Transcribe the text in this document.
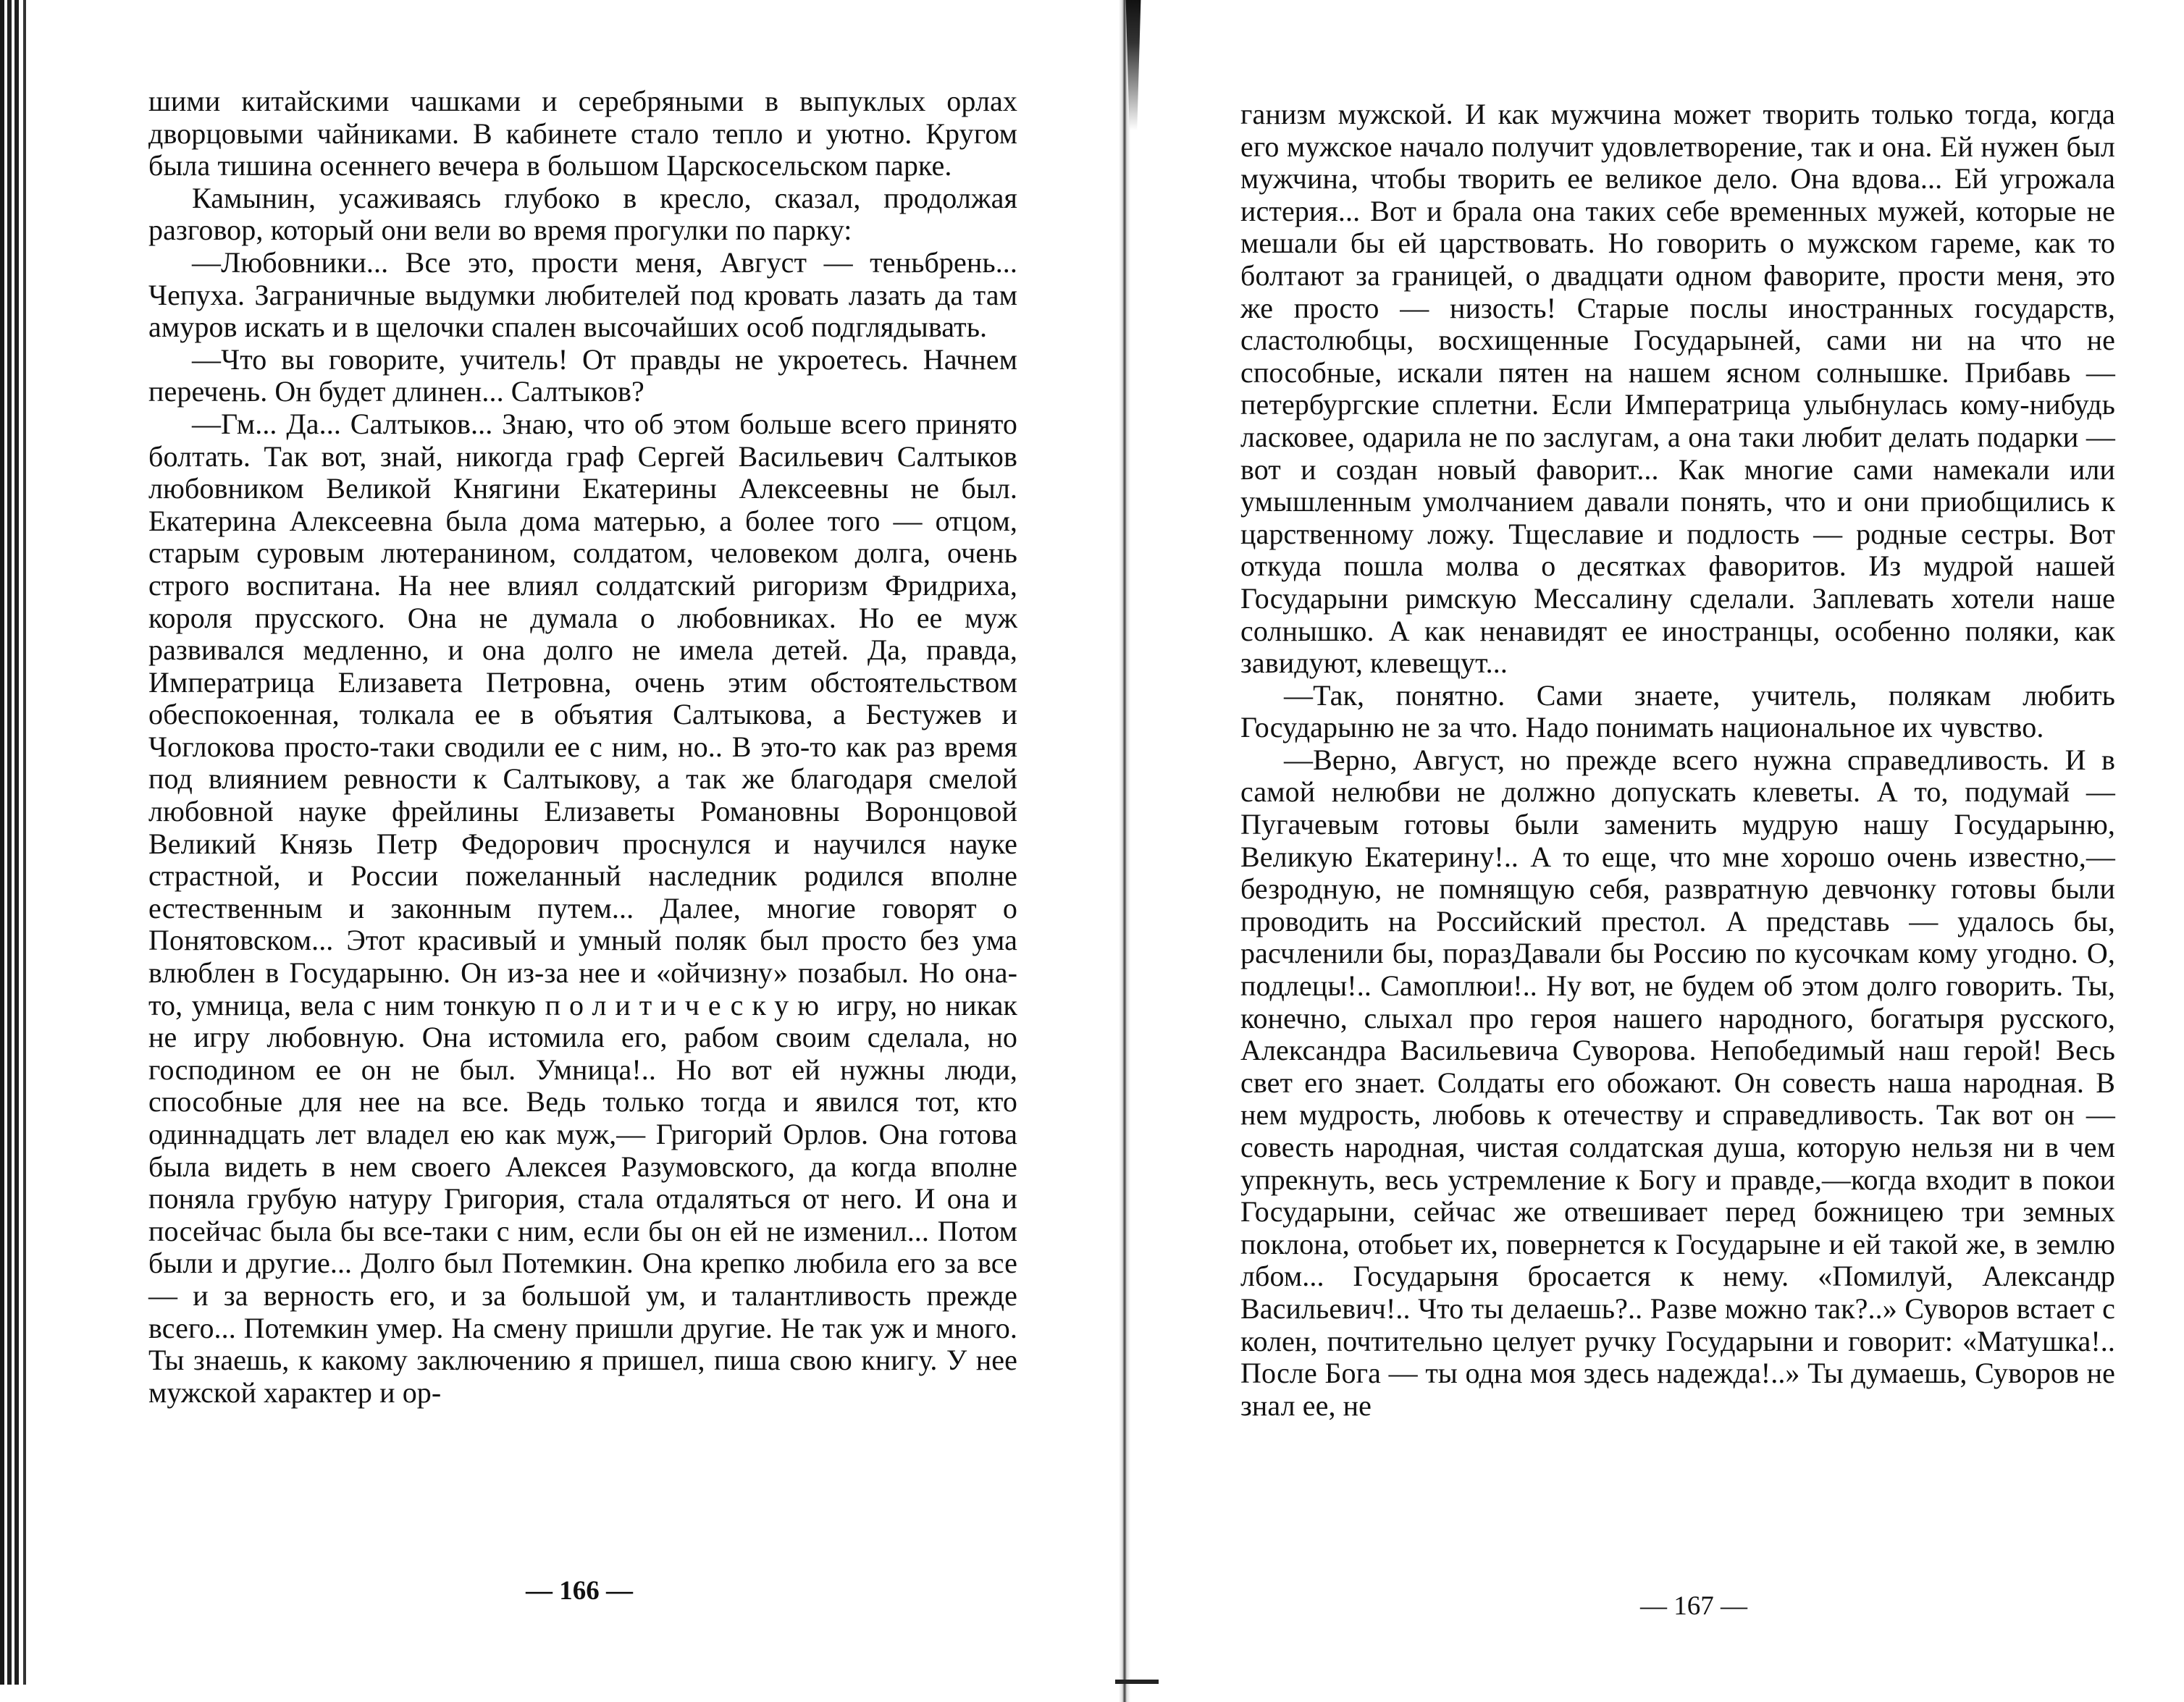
шими китайскими чашками и серебряными в выпуклых орлах дворцовыми чайниками. В кабинете стало тепло и уютно. Кругом была тишина осеннего вечера в большом Царскосельском парке.

Камынин, усаживаясь глубоко в кресло, сказал, продолжая разговор, который они вели во время прогулки по парку:

—Любовники... Все это, прости меня, Август — теньбрень... Чепуха. Заграничные выдумки любителей под кровать лазать да там амуров искать и в щелочки спален высочайших особ подглядывать.

—Что вы говорите, учитель! От правды не укроетесь. Начнем перечень. Он будет длинен... Салтыков?

—Гм... Да... Салтыков... Знаю, что об этом больше всего принято болтать. Так вот, знай, никогда граф Сергей Васильевич Салтыков любовником Великой Княгини Екатерины Алексеевны не был. Екатерина Алексеевна была дома матерью, а более того — отцом, старым суровым лютеранином, солдатом, человеком долга, очень строго воспитана. На нее влиял солдатский ригоризм Фридриха, короля прусского. Она не думала о любовниках. Но ее муж развивался медленно, и она долго не имела детей. Да, правда, Императрица Елизавета Петровна, очень этим обстоятельством обеспокоенная, толкала ее в объятия Салтыкова, а Бестужев и Чоглокова просто-таки сводили ее с ним, но.. В это-то как раз время под влиянием ревности к Салтыкову, а так же благодаря смелой любовной науке фрейлины Елизаветы Романовны Воронцовой Великий Князь Петр Федорович проснулся и научился науке страстной, и России пожеланный наследник родился вполне естественным и законным путем... Далее, многие говорят о Понятовском... Этот красивый и умный поляк был просто без ума влюблен в Государыню. Он из-за нее и «ойчизну» позабыл. Но она-то, умница, вела с ним тонкую политическую игру, но никак не игру любовную. Она истомила его, рабом своим сделала, но господином ее он не был. Умница!.. Но вот ей нужны люди, способные для нее на все. Ведь только тогда и явился тот, кто одиннадцать лет владел ею как муж,— Григорий Орлов. Она готова была видеть в нем своего Алексея Разумовского, да когда вполне поняла грубую натуру Григория, стала отдаляться от него. И она и посейчас была бы все-таки с ним, если бы он ей не изменил... Потом были и другие... Долго был Потемкин. Она крепко любила его за все — и за верность его, и за большой ум, и талантливость прежде всего... Потемкин умер. На смену пришли другие. Не так уж и много. Ты знаешь, к какому заключению я пришел, пиша свою книгу. У нее мужской характер и ор-

— 166 —

ганизм мужской. И как мужчина может творить только тогда, когда его мужское начало получит удовлетворение, так и она. Ей нужен был мужчина, чтобы творить ее великое дело. Она вдова... Ей угрожала истерия... Вот и брала она таких себе временных мужей, которые не мешали бы ей царствовать. Но говорить о мужском гареме, как то болтают за границей, о двадцати одном фаворите, прости меня, это же просто — низость! Старые послы иностранных государств, сластолюбцы, восхищенные Государыней, сами ни на что не способные, искали пятен на нашем ясном солнышке. Прибавь — петербургские сплетни. Если Императрица улыбнулась кому-нибудь ласковее, одарила не по заслугам, а она таки любит делать подарки — вот и создан новый фаворит... Как многие сами намекали или умышленным умолчанием давали понять, что и они приобщились к царственному ложу. Тщеславие и подлость — родные сестры. Вот откуда пошла молва о десятках фаворитов. Из мудрой нашей Государыни римскую Мессалину сделали. Заплевать хотели наше солнышко. А как ненавидят ее иностранцы, особенно поляки, как завидуют, клевещут...

—Так, понятно. Сами знаете, учитель, полякам любить Государыню не за что. Надо понимать национальное их чувство.

—Верно, Август, но прежде всего нужна справедливость. И в самой нелюбви не должно допускать клеветы. А то, подумай — Пугачевым готовы были заменить мудрую нашу Государыню, Великую Екатерину!.. А то еще, что мне хорошо очень известно,—безродную, не помнящую себя, развратную девчонку готовы были проводить на Российский престол. А представь — удалось бы, расчленили бы, поразДавали бы Россию по кусочкам кому угодно. О, подлецы!.. Самоплюи!.. Ну вот, не будем об этом долго говорить. Ты, конечно, слыхал про героя нашего народного, богатыря русского, Александра Васильевича Суворова. Непобедимый наш герой! Весь свет его знает. Солдаты его обожают. Он совесть наша народная. В нем мудрость, любовь к отечеству и справедливость. Так вот он — совесть народная, чистая солдатская душа, которую нельзя ни в чем упрекнуть, весь устремление к Богу и правде,—когда входит в покои Государыни, сейчас же отвешивает перед божницею три земных поклона, отобьет их, повернется к Государыне и ей такой же, в землю лбом... Государыня бросается к нему. «Помилуй, Александр Васильевич!.. Что ты делаешь?.. Разве можно так?..» Суворов встает с колен, почтительно целует ручку Государыни и говорит: «Матушка!.. После Бога — ты одна моя здесь надежда!..» Ты думаешь, Суворов не знал ее, не

— 167 —
